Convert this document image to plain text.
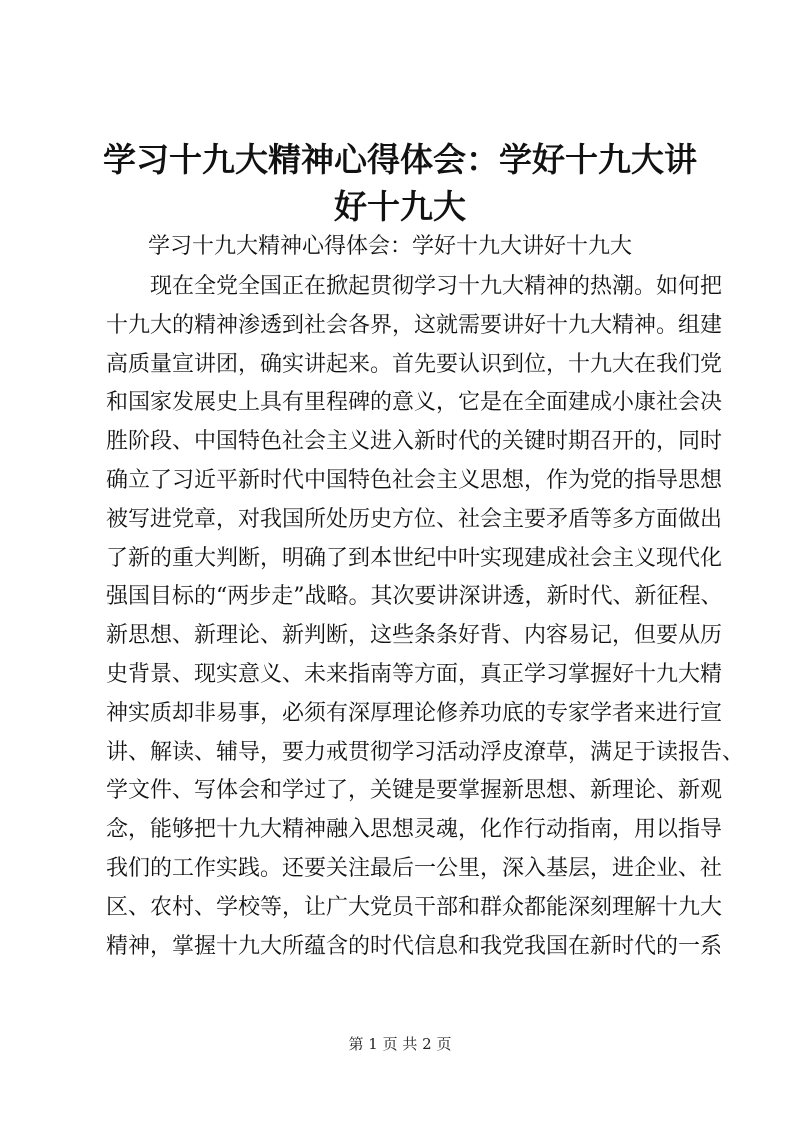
学习十九大精神心得体会：学好十九大讲好十九大

学习十九大精神心得体会：学好十九大讲好十九大

现在全党全国正在掀起贯彻学习十九大精神的热潮。如何把
十九大的精神渗透到社会各界，这就需要讲好十九大精神。组建
高质量宣讲团，确实讲起来。首先要认识到位，十九大在我们党
和国家发展史上具有里程碑的意义，它是在全面建成小康社会决
胜阶段、中国特色社会主义进入新时代的关键时期召开的，同时
确立了习近平新时代中国特色社会主义思想，作为党的指导思想
被写进党章，对我国所处历史方位、社会主要矛盾等多方面做出
了新的重大判断，明确了到本世纪中叶实现建成社会主义现代化
强国目标的“两步走”战略。其次要讲深讲透，新时代、新征程、
新思想、新理论、新判断，这些条条好背、内容易记，但要从历
史背景、现实意义、未来指南等方面，真正学习掌握好十九大精
神实质却非易事，必须有深厚理论修养功底的专家学者来进行宣
讲、解读、辅导，要力戒贯彻学习活动浮皮潦草，满足于读报告、
学文件、写体会和学过了，关键是要掌握新思想、新理论、新观
念，能够把十九大精神融入思想灵魂，化作行动指南，用以指导
我们的工作实践。还要关注最后一公里，深入基层，进企业、社
区、农村、学校等，让广大党员干部和群众都能深刻理解十九大
精神，掌握十九大所蕴含的时代信息和我党我国在新时代的一系
第 1 页 共 2 页
